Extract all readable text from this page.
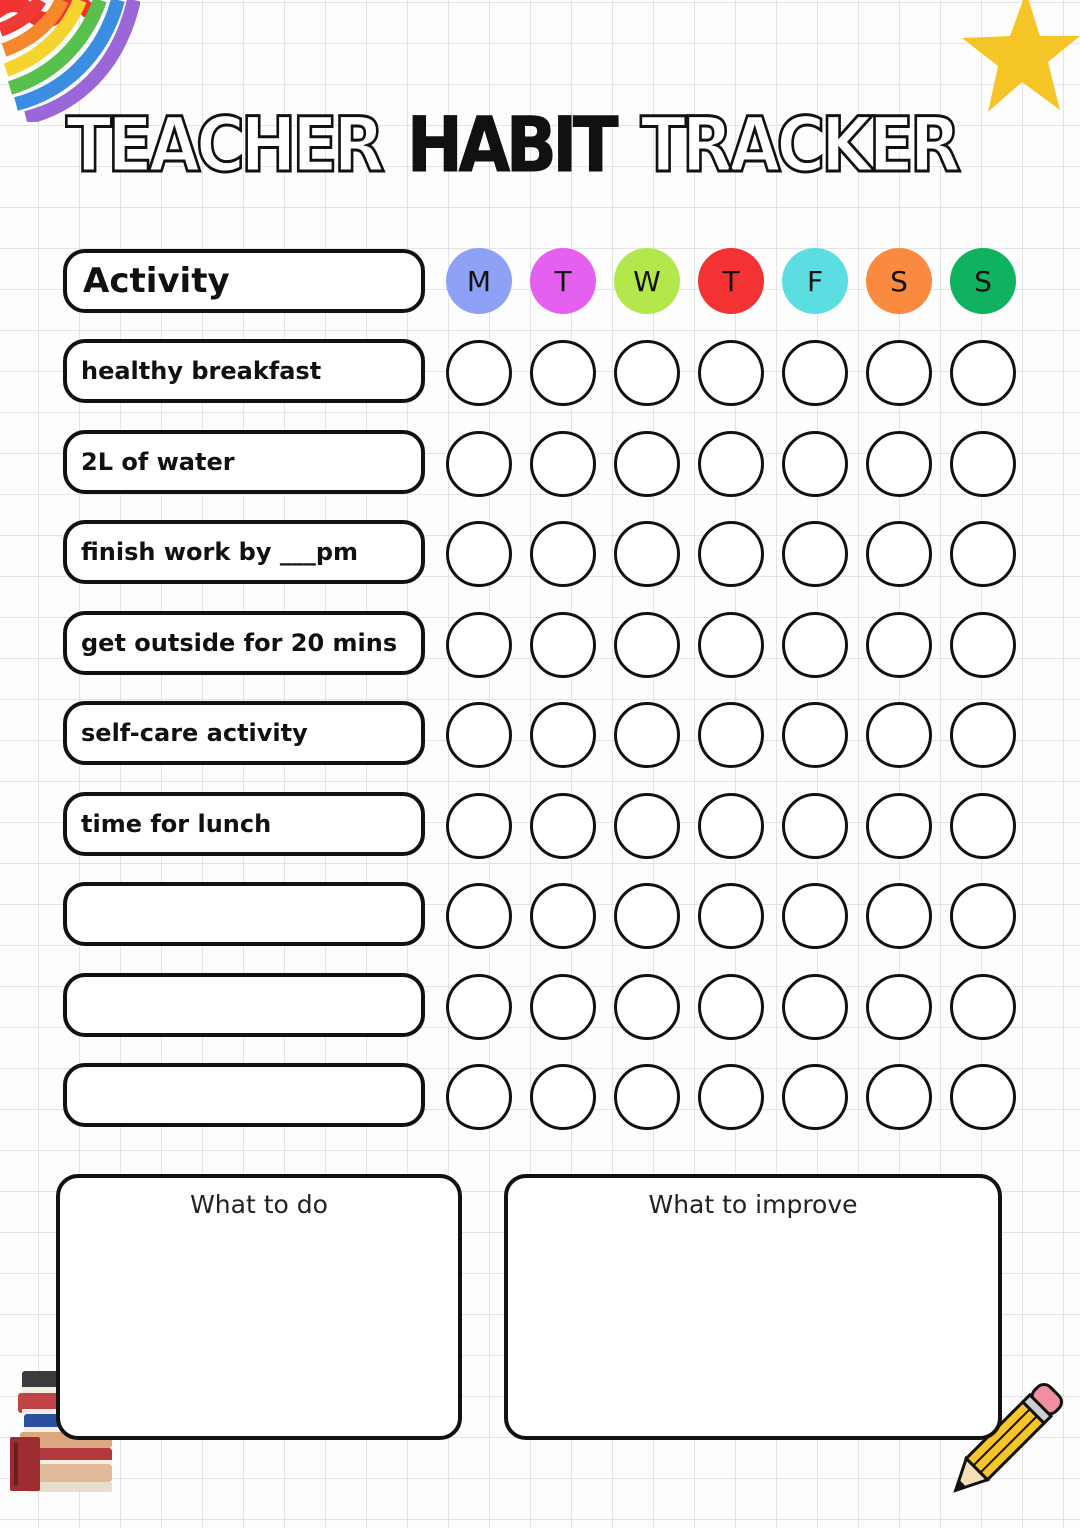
TEACHER HABIT TRACKER
Activity	M	T	W	T	F	S	S
healthy breakfast
2L of water
finish work by ___pm
get outside for 20 mins
self-care activity
time for lunch
What to do	What to improve
